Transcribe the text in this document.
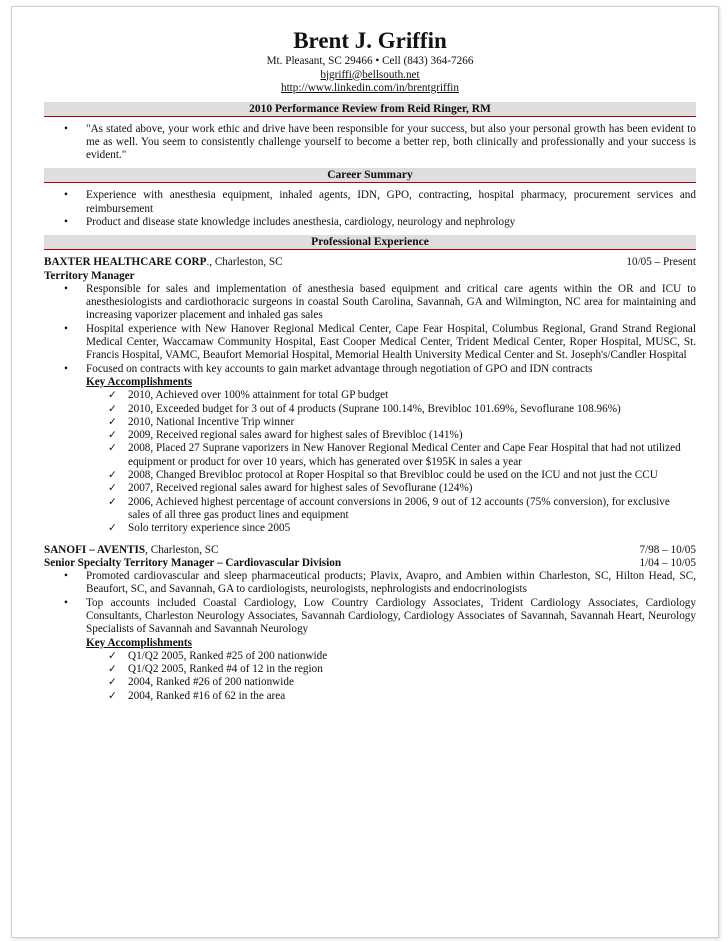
Brent J. Griffin
Mt. Pleasant, SC 29466 • Cell (843) 364-7266
bjgriffi@bellsouth.net
http://www.linkedin.com/in/brentgriffin
2010 Performance Review from Reid Ringer, RM
• "As stated above, your work ethic and drive have been responsible for your success, but also your personal growth has been evident to me as well. You seem to consistently challenge yourself to become a better rep, both clinically and professionally and your success is evident."
Career Summary
• Experience with anesthesia equipment, inhaled agents, IDN, GPO, contracting, hospital pharmacy, procurement services and reimbursement
• Product and disease state knowledge includes anesthesia, cardiology, neurology and nephrology
Professional Experience
BAXTER HEALTHCARE CORP., Charleston, SC	10/05 – Present
Territory Manager
• Responsible for sales and implementation of anesthesia based equipment and critical care agents within the OR and ICU to anesthesiologists and cardiothoracic surgeons in coastal South Carolina, Savannah, GA and Wilmington, NC area for maintaining and increasing vaporizer placement and inhaled gas sales
• Hospital experience with New Hanover Regional Medical Center, Cape Fear Hospital, Columbus Regional, Grand Strand Regional Medical Center, Waccamaw Community Hospital, East Cooper Medical Center, Trident Medical Center, Roper Hospital, MUSC, St. Francis Hospital, VAMC, Beaufort Memorial Hospital, Memorial Health University Medical Center and St. Joseph's/Candler Hospital
• Focused on contracts with key accounts to gain market advantage through negotiation of GPO and IDN contracts
Key Accomplishments
✓ 2010, Achieved over 100% attainment for total GP budget
✓ 2010, Exceeded budget for 3 out of 4 products (Suprane 100.14%, Brevibloc 101.69%, Sevoflurane 108.96%)
✓ 2010, National Incentive Trip winner
✓ 2009, Received regional sales award for highest sales of Brevibloc (141%)
✓ 2008, Placed 27 Suprane vaporizers in New Hanover Regional Medical Center and Cape Fear Hospital that had not utilized equipment or product for over 10 years, which has generated over $195K in sales a year
✓ 2008, Changed Brevibloc protocol at Roper Hospital so that Brevibloc could be used on the ICU and not just the CCU
✓ 2007, Received regional sales award for highest sales of Sevoflurane (124%)
✓ 2006, Achieved highest percentage of account conversions in 2006, 9 out of 12 accounts (75% conversion), for exclusive sales of all three gas product lines and equipment
✓ Solo territory experience since 2005
SANOFI – AVENTIS, Charleston, SC	7/98 – 10/05
Senior Specialty Territory Manager – Cardiovascular Division	1/04 – 10/05
• Promoted cardiovascular and sleep pharmaceutical products; Plavix, Avapro, and Ambien within Charleston, SC, Hilton Head, SC, Beaufort, SC, and Savannah, GA to cardiologists, neurologists, nephrologists and endocrinologists
• Top accounts included Coastal Cardiology, Low Country Cardiology Associates, Trident Cardiology Associates, Cardiology Consultants, Charleston Neurology Associates, Savannah Cardiology, Cardiology Associates of Savannah, Savannah Heart, Neurology Specialists of Savannah and Savannah Neurology
Key Accomplishments
✓ Q1/Q2 2005, Ranked #25 of 200 nationwide
✓ Q1/Q2 2005, Ranked #4 of 12 in the region
✓ 2004, Ranked #26 of 200 nationwide
✓ 2004, Ranked #16 of 62 in the area
